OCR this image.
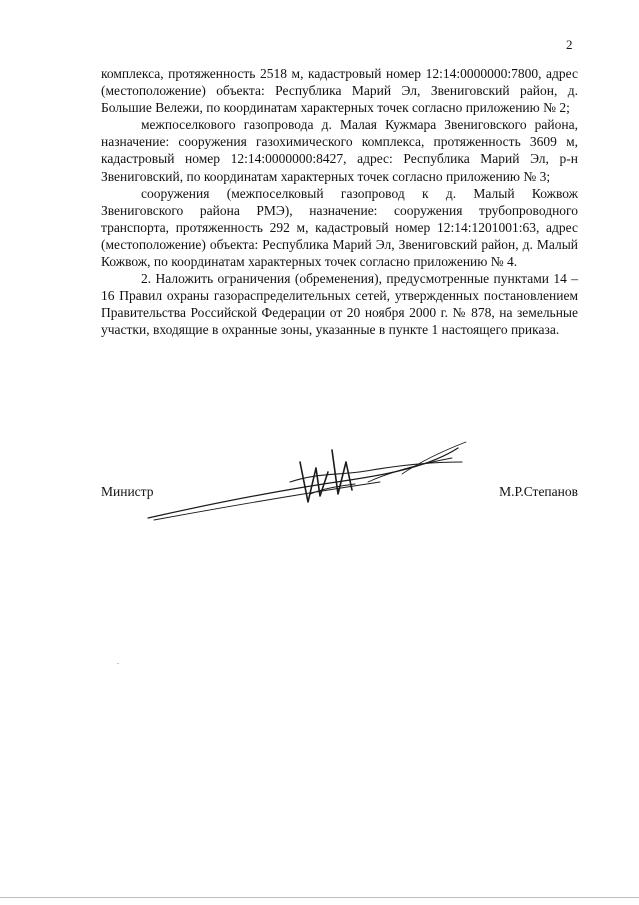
2

комплекса, протяженность 2518 м, кадастровый номер 12:14:0000000:7800, адрес (местоположение) объекта: Республика Марий Эл, Звениговский район, д. Большие Вележи, по координатам характерных точек согласно приложению № 2;

межпоселкового газопровода д. Малая Кужмара Звениговского района, назначение: сооружения газохимического комплекса, протяженность 3609 м, кадастровый номер 12:14:0000000:8427, адрес: Республика Марий Эл, р-н Звениговский, по координатам характерных точек согласно приложению № 3;

сооружения (межпоселковый газопровод к д. Малый Кожвож Звениговского района РМЭ), назначение: сооружения трубопроводного транспорта, протяженность 292 м, кадастровый номер 12:14:1201001:63, адрес (местоположение) объекта: Республика Марий Эл, Звениговский район, д. Малый Кожвож, по координатам характерных точек согласно приложению № 4.

2. Наложить ограничения (обременения), предусмотренные пунктами 14 – 16 Правил охраны газораспределительных сетей, утвержденных постановлением Правительства Российской Федерации от 20 ноября 2000 г. № 878, на земельные участки, входящие в охранные зоны, указанные в пункте 1 настоящего приказа.

Министр	М.Р.Степанов
